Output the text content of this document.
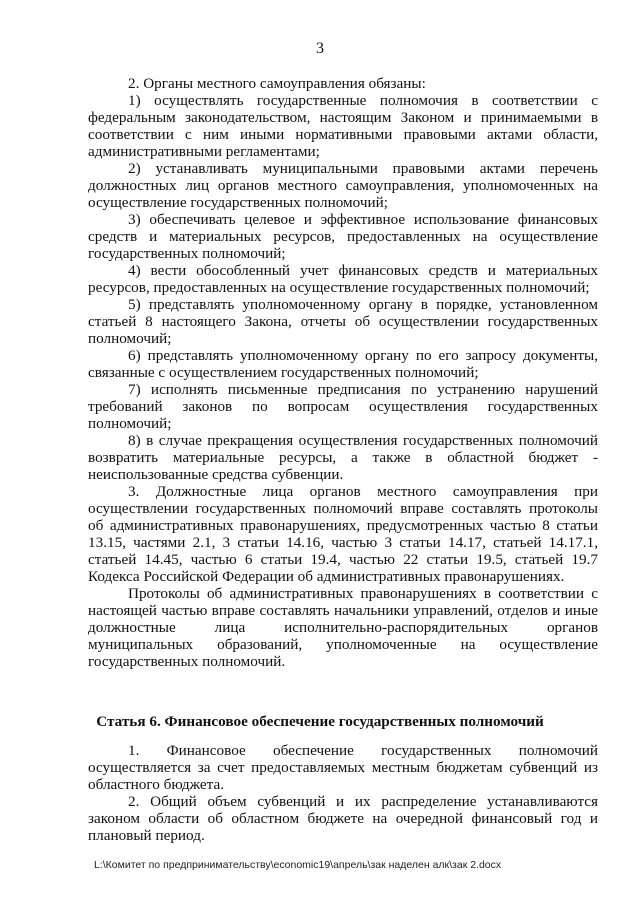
3

2. Органы местного самоуправления обязаны:

1) осуществлять государственные полномочия в соответствии с федеральным законодательством, настоящим Законом и принимаемыми в соответствии с ним иными нормативными правовыми актами области, административными регламентами;

2) устанавливать муниципальными правовыми актами перечень должностных лиц органов местного самоуправления, уполномоченных на осуществление государственных полномочий;

3) обеспечивать целевое и эффективное использование финансовых средств и материальных ресурсов, предоставленных на осуществление государственных полномочий;

4) вести обособленный учет финансовых средств и материальных ресурсов, предоставленных на осуществление государственных полномочий;

5) представлять уполномоченному органу в порядке, установленном статьей 8 настоящего Закона, отчеты об осуществлении государственных полномочий;

6) представлять уполномоченному органу по его запросу документы, связанные с осуществлением государственных полномочий;

7) исполнять письменные предписания по устранению нарушений требований законов по вопросам осуществления государственных полномочий;

8) в случае прекращения осуществления государственных полномочий возвратить материальные ресурсы, а также в областной бюджет - неиспользованные средства субвенции.

3. Должностные лица органов местного самоуправления при осуществлении государственных полномочий вправе составлять протоколы об административных правонарушениях, предусмотренных частью 8 статьи 13.15, частями 2.1, 3 статьи 14.16, частью 3 статьи 14.17, статьей 14.17.1, статьей 14.45, частью 6 статьи 19.4, частью 22 статьи 19.5, статьей 19.7 Кодекса Российской Федерации об административных правонарушениях.

Протоколы об административных правонарушениях в соответствии с настоящей частью вправе составлять начальники управлений, отделов и иные должностные лица исполнительно-распорядительных органов муниципальных образований, уполномоченные на осуществление государственных полномочий.

Статья 6. Финансовое обеспечение государственных полномочий

1. Финансовое обеспечение государственных полномочий осуществляется за счет предоставляемых местным бюджетам субвенций из областного бюджета.

2. Общий объем субвенций и их распределение устанавливаются законом области об областном бюджете на очередной финансовый год и плановый период.

L:\Комитет по предпринимательству\economic19\апрель\зак наделен алк\зак 2.docx
